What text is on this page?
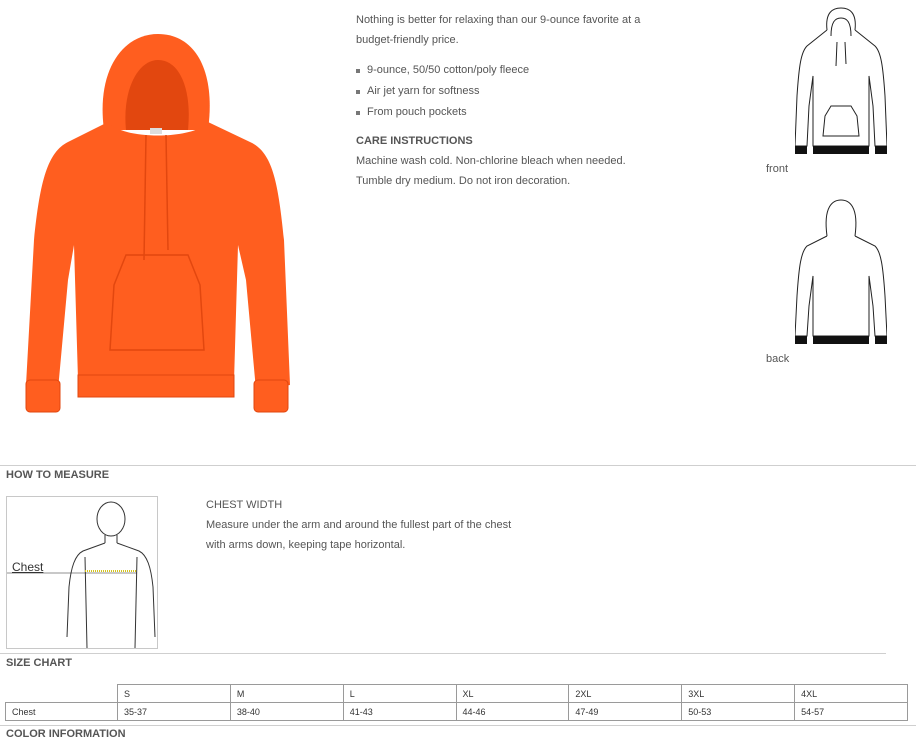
Nothing is better for relaxing than our 9-ounce favorite at a budget-friendly price.

9-ounce, 50/50 cotton/poly fleece
Air jet yarn for softness
From pouch pockets
CARE INSTRUCTIONS

Machine wash cold. Non-chlorine bleach when needed.

Tumble dry medium. Do not iron decoration.

front
back
HOW TO MEASURE
Chest
CHEST WIDTH
Measure under the arm and around the fullest part of the chest
with arms down, keeping tape horizontal.
SIZE CHART
	S	M	L	XL	2XL	3XL	4XL
Chest	35-37	38-40	41-43	44-46	47-49	50-53	54-57
COLOR INFORMATION
